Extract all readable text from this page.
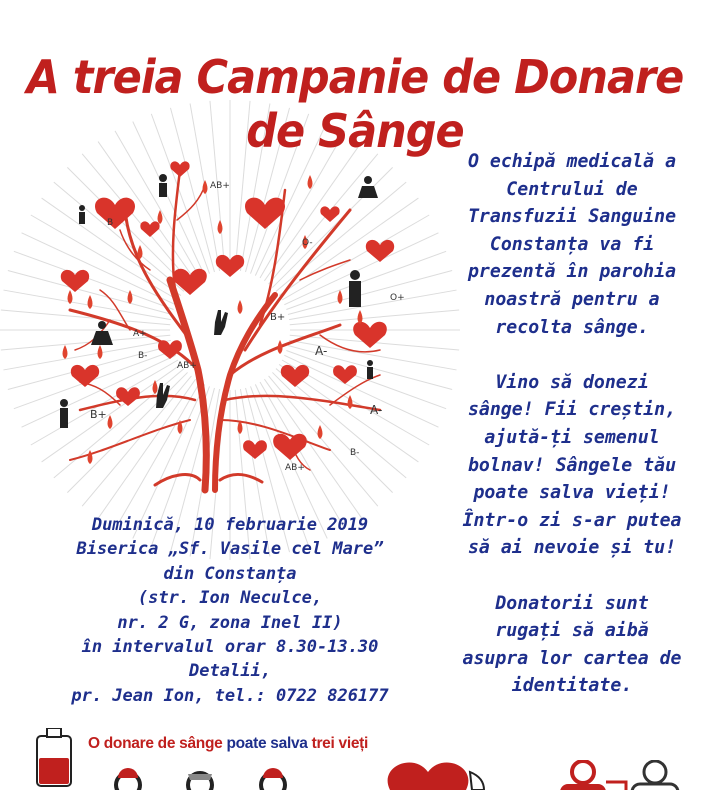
A treia Campanie de Donare de Sânge
AB+
O-
B
B+
A+
B-	A-
AB+
B+	A-
AB+
B-
O+

O echipă medicală a
Centrului de
Transfuzii Sanguine
Constanța va fi
prezentă în parohia
noastră pentru a
recolta sânge.

Vino să donezi
sânge! Fii creștin,
ajută-ți semenul
bolnav! Sângele tău
poate salva vieți!
Într-o zi s-ar putea
să ai nevoie și tu!

Donatorii sunt
rugați să aibă
asupra lor cartea de
identitate.

Duminică, 10 februarie 2019
Biserica „Sf. Vasile cel Mare”
din Constanța
(str. Ion Neculce,
nr. 2 G, zona Inel II)
în intervalul orar 8.30-13.30
Detalii,
pr. Jean Ion, tel.: 0722 826177
O donare de sânge poate salva trei vieți
